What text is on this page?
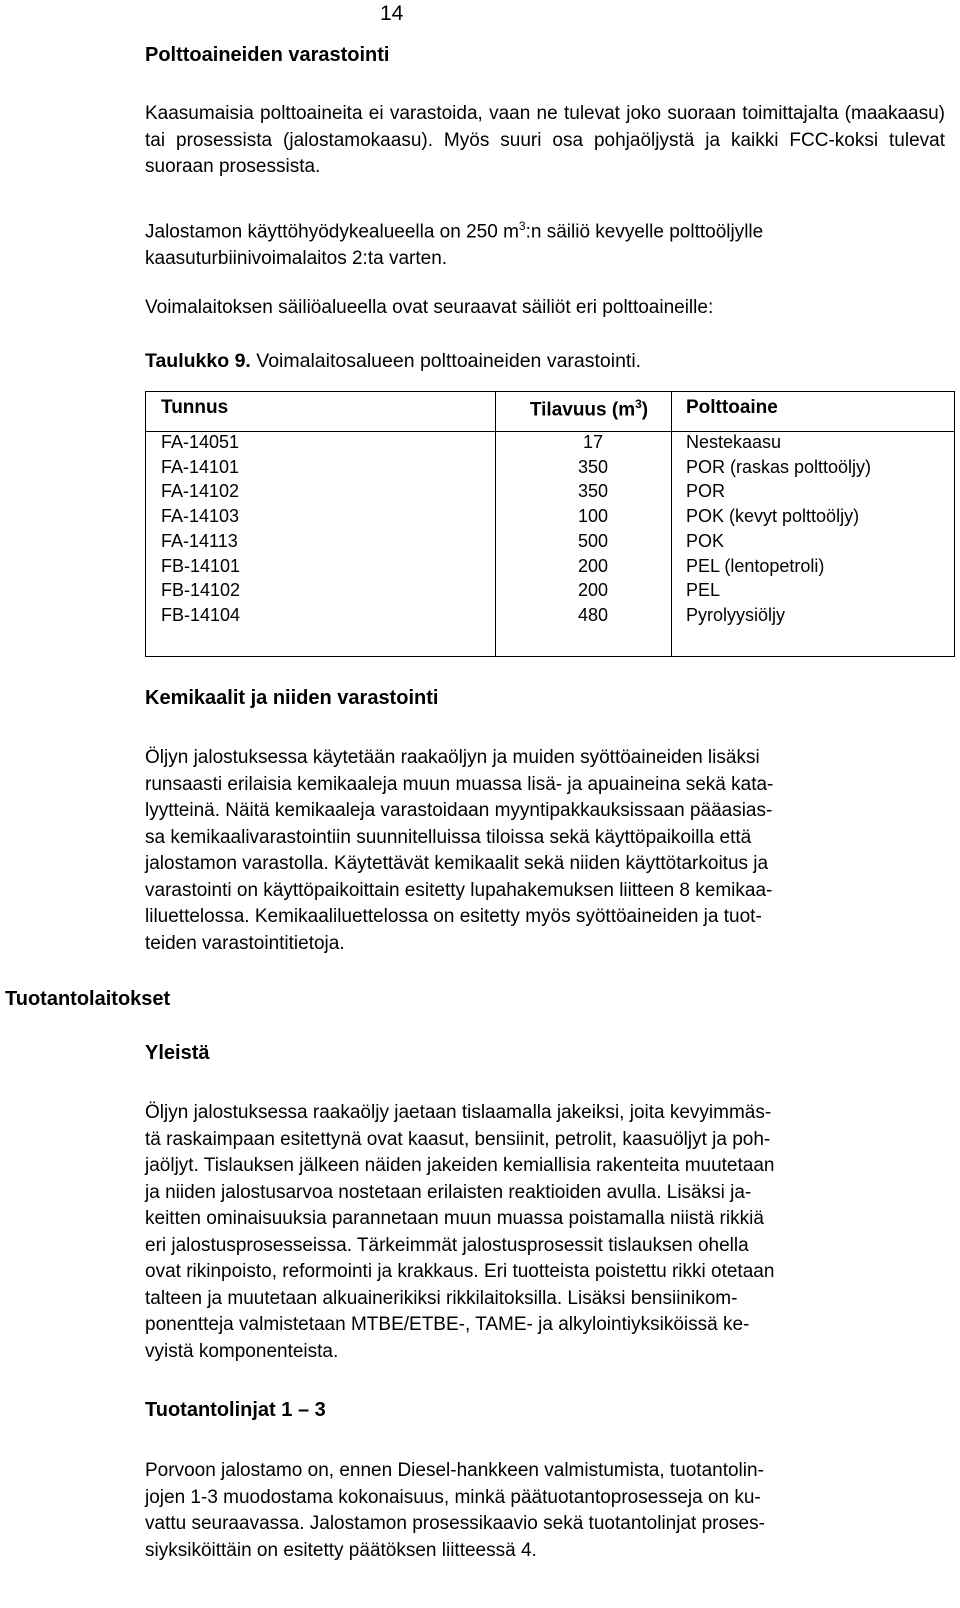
14
Polttoaineiden varastointi

Kaasumaisia polttoaineita ei varastoida, vaan ne tulevat joko suoraan toimittajalta (maakaasu) tai prosessista (jalostamokaasu). Myös suuri osa pohjaöljystä ja kaikki FCC-koksi tulevat suoraan prosessista.

Jalostamon käyttöhyödykealueella on 250 $m^3:n$ säiliö kevyelle polttoöljylle kaasuturbiinivoimalaitos 2:ta varten.

Voimalaitoksen säiliöalueella ovat seuraavat säiliöt eri polttoaineille:

Taulukko 9. Voimalaitosalueen polttoaineiden varastointi.
Tunnus	Tilavuus $(m^3)$	Polttoaine
FA-14051
FA-14101
FA-14102
FA-14103
FA-14113
FB-14101
FB-14102
FB-14104
17
350
350
100
500
200
200
480
Nestekaasu
POR (raskas polttoöljy)
POR
POK (kevyt polttoöljy)
POK
PEL (lentopetroli)
PEL
Pyrolyysiöljy
Kemikaalit ja niiden varastointi
Öljyn jalostuksessa käytetään raakaöljyn ja muiden syöttöaineiden lisäksi
runsaasti erilaisia kemikaaleja muun muassa lisä- ja apuaineina sekä kata-
lyytteinä. Näitä kemikaaleja varastoidaan myyntipakkauksissaan pääasias-
sa kemikaalivarastointiin suunnitelluissa tiloissa sekä käyttöpaikoilla että
jalostamon varastolla. Käytettävät kemikaalit sekä niiden käyttötarkoitus ja
varastointi on käyttöpaikoittain esitetty lupahakemuksen liitteen 8 kemikaa-
liluettelossa. Kemikaaliluettelossa on esitetty myös syöttöaineiden ja tuot-
teiden varastointitietoja.
Tuotantolaitokset
Yleistä
Öljyn jalostuksessa raakaöljy jaetaan tislaamalla jakeiksi, joita kevyimmäs-
tä raskaimpaan esitettynä ovat kaasut, bensiinit, petrolit, kaasuöljyt ja poh-
jaöljyt. Tislauksen jälkeen näiden jakeiden kemiallisia rakenteita muutetaan
ja niiden jalostusarvoa nostetaan erilaisten reaktioiden avulla. Lisäksi ja-
keitten ominaisuuksia parannetaan muun muassa poistamalla niistä rikkiä
eri jalostusprosesseissa. Tärkeimmät jalostusprosessit tislauksen ohella
ovat rikinpoisto, reformointi ja krakkaus. Eri tuotteista poistettu rikki otetaan
talteen ja muutetaan alkuainerikiksi rikkilaitoksilla. Lisäksi bensiinikom-
ponentteja valmistetaan MTBE/ETBE-, TAME- ja alkylointiyksiköissä ke-
vyistä komponenteista.
Tuotantolinjat 1 – 3
Porvoon jalostamo on, ennen Diesel-hankkeen valmistumista, tuotantolin-
jojen 1-3 muodostama kokonaisuus, minkä päätuotantoprosesseja on ku-
vattu seuraavassa. Jalostamon prosessikaavio sekä tuotantolinjat proses-
siyksiköittäin on esitetty päätöksen liitteessä 4.
